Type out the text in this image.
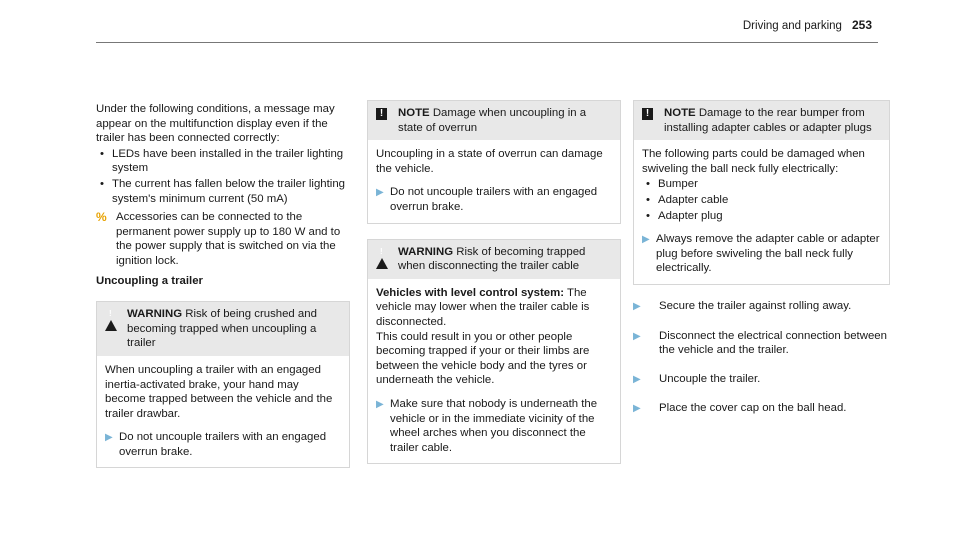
Driving and parking 253

Under the following conditions, a message may appear on the multifunction display even if the trailer has been connected correctly:

• LEDs have been installed in the trailer lighting system
• The current has fallen below the trailer lighting system's minimum current (50 mA)
% Accessories can be connected to the permanent power supply up to 180 W and to the power supply that is switched on via the ignition lock.

Uncoupling a trailer

!
WARNING Risk of being crushed and becoming trapped when uncoupling a trailer

When uncoupling a trailer with an engaged inertia-activated brake, your hand may become trapped between the vehicle and the trailer drawbar.

▶ Do not uncouple trailers with an engaged overrun brake.
!	NOTE Damage when uncoupling in a state of overrun

Uncoupling in a state of overrun can damage the vehicle.

▶ Do not uncouple trailers with an engaged overrun brake.
!
WARNING Risk of becoming trapped when disconnecting the trailer cable

Vehicles with level control system: The vehicle may lower when the trailer cable is disconnected.

This could result in you or other people becoming trapped if your or their limbs are between the vehicle body and the tyres or underneath the vehicle.

▶ Make sure that nobody is underneath the vehicle or in the immediate vicinity of the wheel arches when you disconnect the trailer cable.
!	NOTE Damage to the rear bumper from installing adapter cables or adapter plugs

The following parts could be damaged when swiveling the ball neck fully electrically:

• Bumper
• Adapter cable
• Adapter plug
▶ Always remove the adapter cable or adapter plug before swiveling the ball neck fully electrically.
▶	Secure the trailer against rolling away.
▶	Disconnect the electrical connection between the vehicle and the trailer.
▶	Uncouple the trailer.
▶	Place the cover cap on the ball head.
